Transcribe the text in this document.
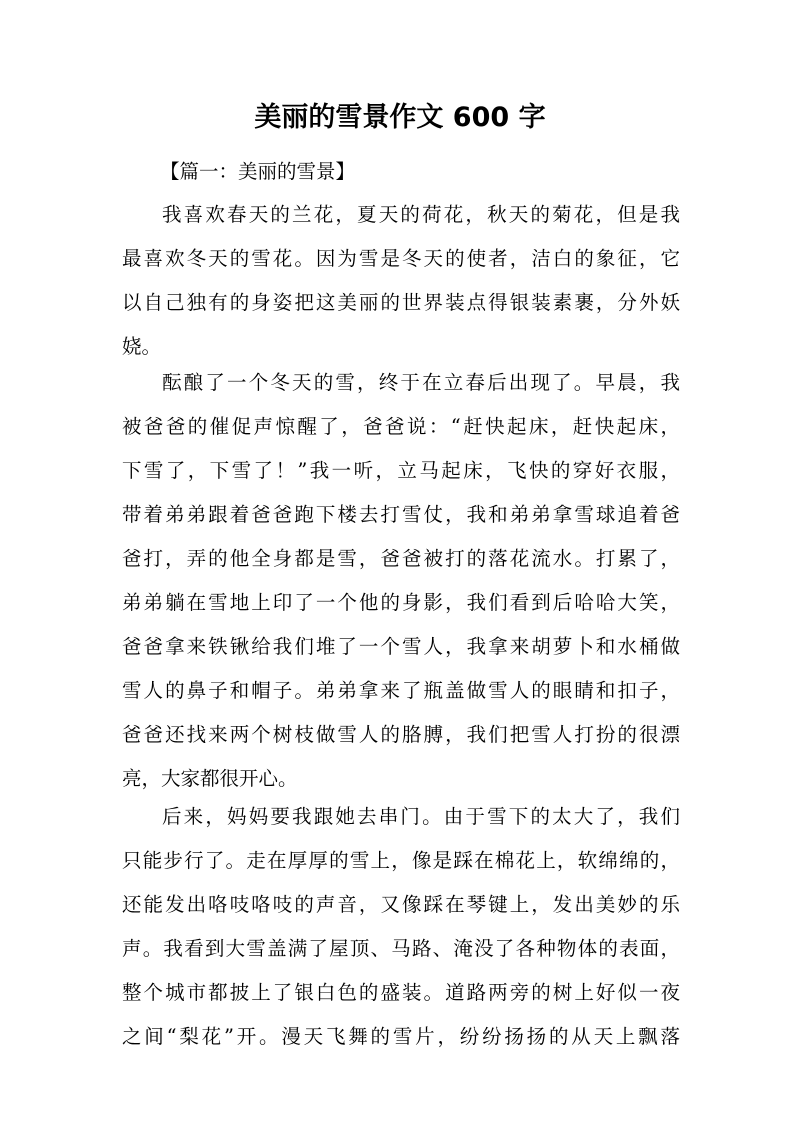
美丽的雪景作文 600 字
【篇一：美丽的雪景】
我喜欢春天的兰花，夏天的荷花，秋天的菊花，但是我
最喜欢冬天的雪花。因为雪是冬天的使者，洁白的象征，它
以自己独有的身姿把这美丽的世界装点得银装素裹，分外妖
娆。
酝酿了一个冬天的雪，终于在立春后出现了。早晨，我
被爸爸的催促声惊醒了，爸爸说：“赶快起床，赶快起床，
下雪了，下雪了！”我一听，立马起床，飞快的穿好衣服，
带着弟弟跟着爸爸跑下楼去打雪仗，我和弟弟拿雪球追着爸
爸打，弄的他全身都是雪，爸爸被打的落花流水。打累了，
弟弟躺在雪地上印了一个他的身影，我们看到后哈哈大笑，
爸爸拿来铁锹给我们堆了一个雪人，我拿来胡萝卜和水桶做
雪人的鼻子和帽子。弟弟拿来了瓶盖做雪人的眼睛和扣子，
爸爸还找来两个树枝做雪人的胳膊，我们把雪人打扮的很漂
亮，大家都很开心。
后来，妈妈要我跟她去串门。由于雪下的太大了，我们
只能步行了。走在厚厚的雪上，像是踩在棉花上，软绵绵的，
还能发出咯吱咯吱的声音，又像踩在琴键上，发出美妙的乐
声。我看到大雪盖满了屋顶、马路、淹没了各种物体的表面，
整个城市都披上了银白色的盛装。道路两旁的树上好似一夜
之间“梨花”开。漫天飞舞的雪片，纷纷扬扬的从天上飘落
